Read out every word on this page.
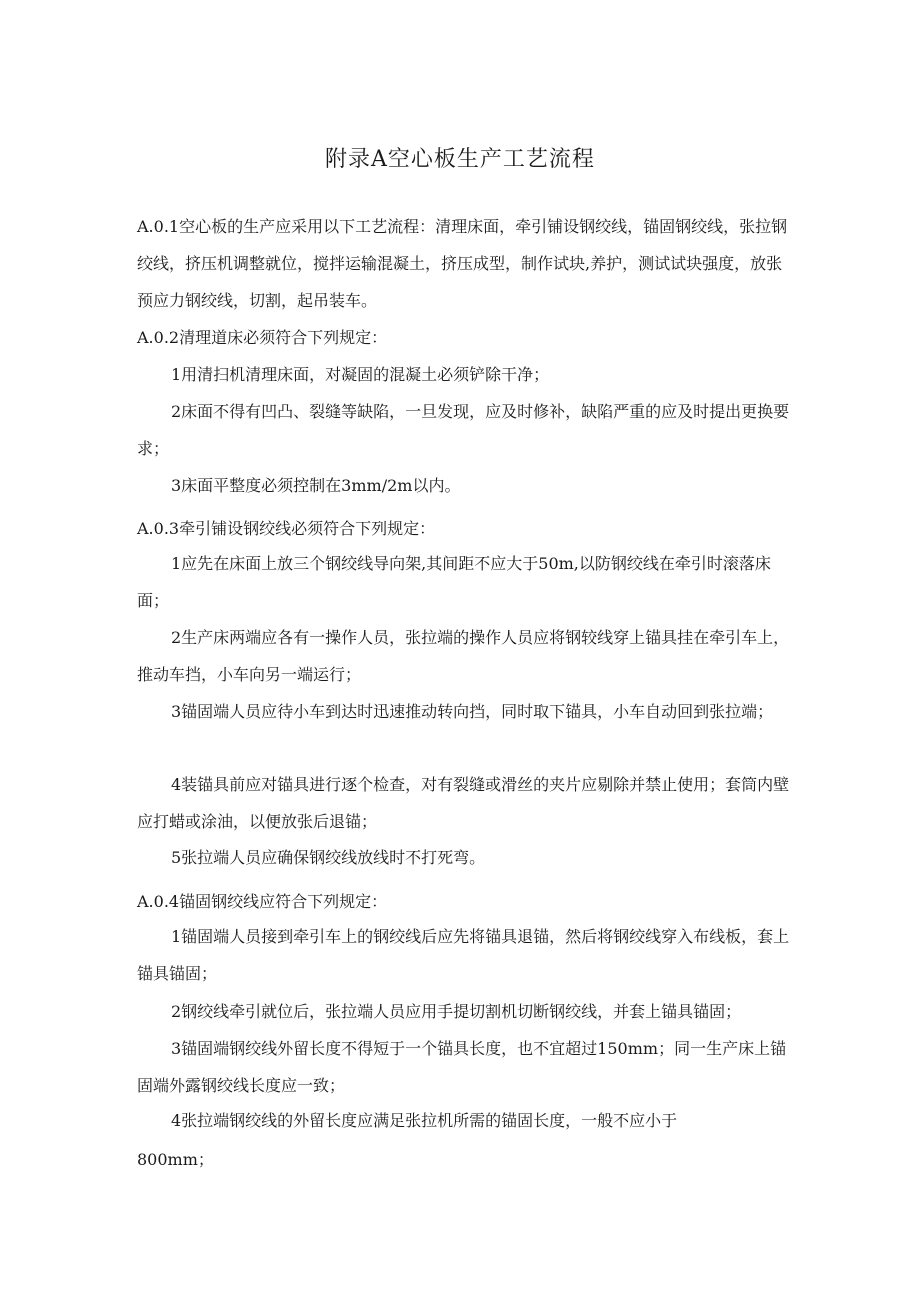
附录A空心板生产工艺流程

A.0.1空心板的生产应采用以下工艺流程：清理床面，牵引铺设钢绞线，锚固钢绞线，张拉钢绞线，挤压机调整就位，搅拌运输混凝土，挤压成型，制作试块,养护，测试试块强度，放张预应力钢绞线，切割，起吊装车。

A.0.2清理道床必须符合下列规定：

1用清扫机清理床面，对凝固的混凝土必须铲除干净；

2床面不得有凹凸、裂缝等缺陷，一旦发现，应及时修补，缺陷严重的应及时提出更换要求；

3床面平整度必须控制在3mm/2m以内。

A.0.3牵引铺设钢绞线必须符合下列规定：

1应先在床面上放三个钢绞线导向架,其间距不应大于50m,以防钢绞线在牵引时滚落床面；

2生产床两端应各有一操作人员，张拉端的操作人员应将钢较线穿上锚具挂在牵引车上，推动车挡，小车向另一端运行；

3锚固端人员应待小车到达时迅速推动转向挡，同时取下锚具，小车自动回到张拉端；

4装锚具前应对锚具进行逐个检查，对有裂缝或滑丝的夹片应剔除并禁止使用；套筒内壁应打蜡或涂油，以便放张后退锚；

5张拉端人员应确保钢绞线放线时不打死弯。

A.0.4锚固钢绞线应符合下列规定：

1锚固端人员接到牵引车上的钢绞线后应先将锚具退锚，然后将钢绞线穿入布线板，套上锚具锚固；

2钢绞线牵引就位后，张拉端人员应用手提切割机切断钢绞线，并套上锚具锚固；

3锚固端钢绞线外留长度不得短于一个锚具长度，也不宜超过150mm；同一生产床上锚固端外露钢绞线长度应一致；

4张拉端钢绞线的外留长度应满足张拉机所需的锚固长度，一般不应小于

800mm；
